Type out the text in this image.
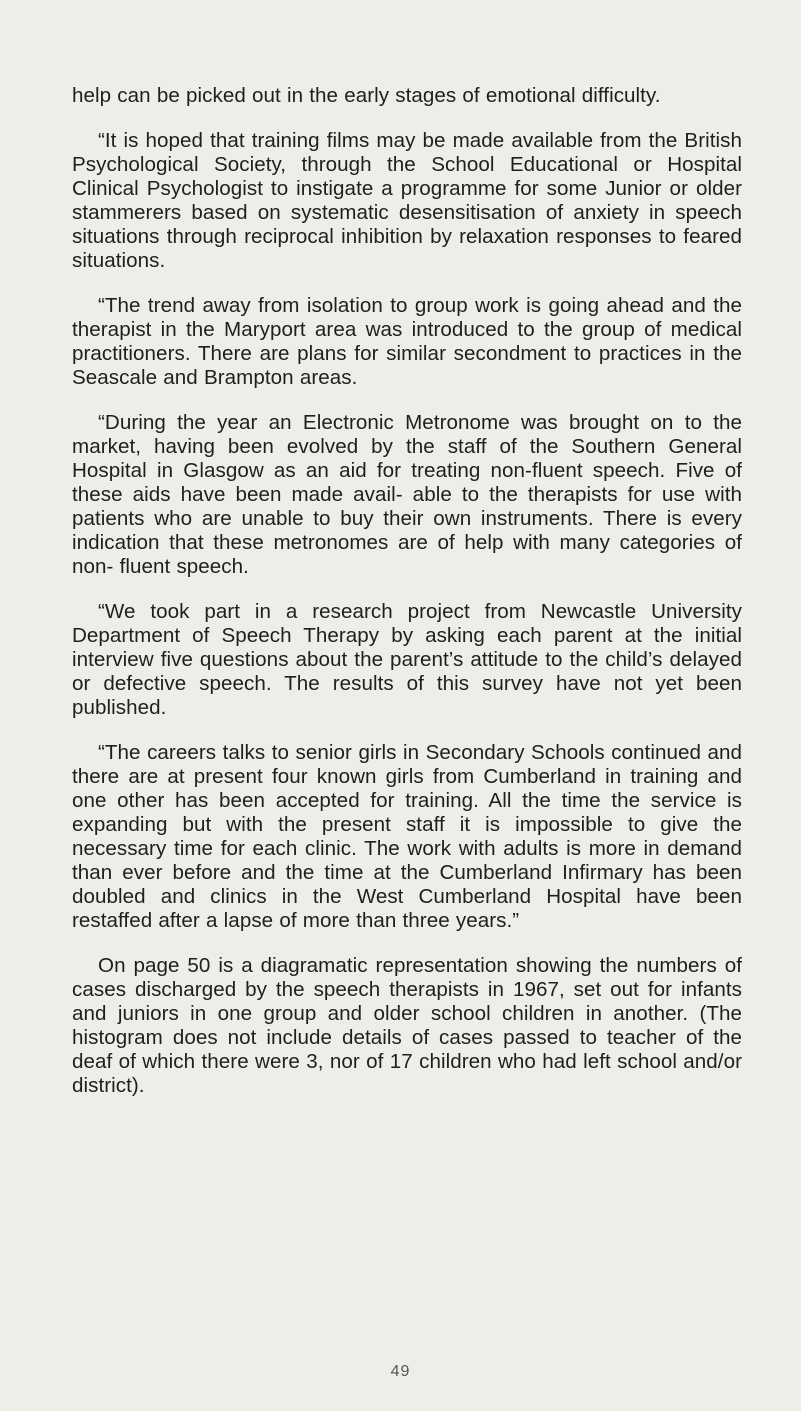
help can be picked out in the early stages of emotional difficulty.

“It is hoped that training films may be made available from the British Psychological Society, through the School Educational or Hospital Clinical Psychologist to instigate a programme for some Junior or older stammerers based on systematic desensitisation of anxiety in speech situations through reciprocal inhibition by relaxation responses to feared situations.

“The trend away from isolation to group work is going ahead and the therapist in the Maryport area was introduced to the group of medical practitioners. There are plans for similar secondment to practices in the Seascale and Brampton areas.

“During the year an Electronic Metronome was brought on to the market, having been evolved by the staff of the Southern General Hospital in Glasgow as an aid for treating non-fluent speech. Five of these aids have been made avail- able to the therapists for use with patients who are unable to buy their own instruments. There is every indication that these metronomes are of help with many categories of non- fluent speech.

“We took part in a research project from Newcastle University Department of Speech Therapy by asking each parent at the initial interview five questions about the parent’s attitude to the child’s delayed or defective speech. The results of this survey have not yet been published.

“The careers talks to senior girls in Secondary Schools continued and there are at present four known girls from Cumberland in training and one other has been accepted for training. All the time the service is expanding but with the present staff it is impossible to give the necessary time for each clinic. The work with adults is more in demand than ever before and the time at the Cumberland Infirmary has been doubled and clinics in the West Cumberland Hospital have been restaffed after a lapse of more than three years.”

On page 50 is a diagramatic representation showing the numbers of cases discharged by the speech therapists in 1967, set out for infants and juniors in one group and older school children in another. (The histogram does not include details of cases passed to teacher of the deaf of which there were 3, nor of 17 children who had left school and/or district).

49
